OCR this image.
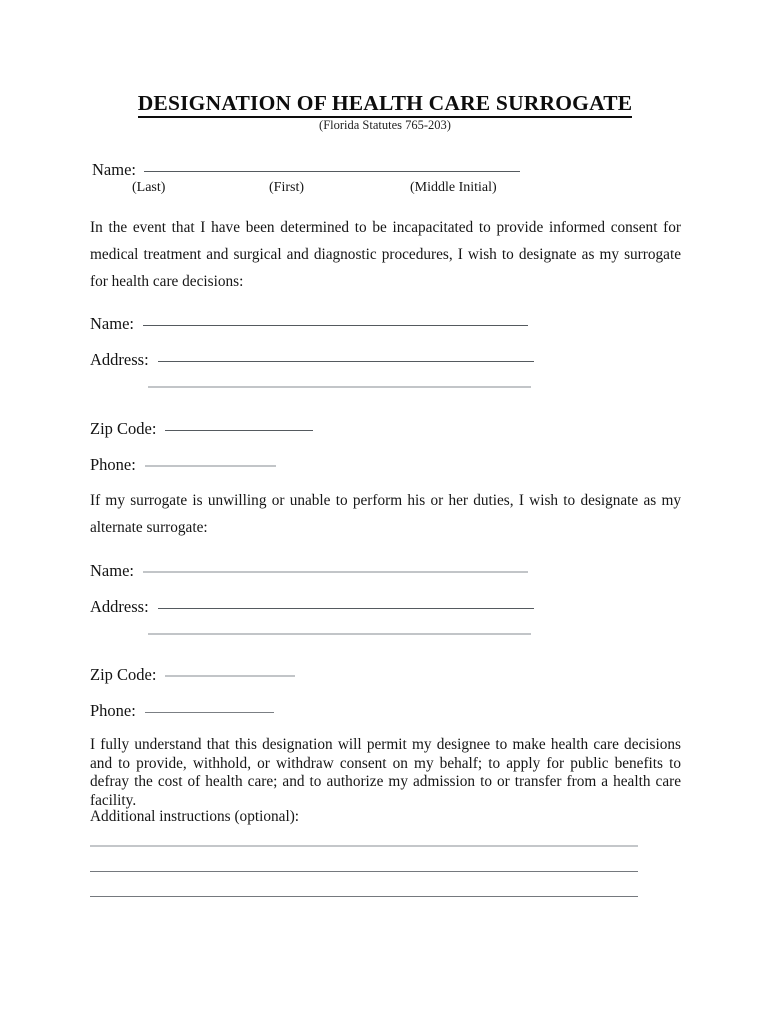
DESIGNATION OF HEALTH CARE SURROGATE
(Florida Statutes 765-203)
Name:
(Last)	(First)	(Middle Initial)
In the event that I have been determined to be incapacitated to provide informed consent for medical treatment and surgical and diagnostic procedures, I wish to designate as my surrogate for health care decisions:
Name:
Address:
Zip Code:
Phone:
If my surrogate is unwilling or unable to perform his or her duties, I wish to designate as my alternate surrogate:
Name:
Address:
Zip Code:
Phone:
I fully understand that this designation will permit my designee to make health care decisions and to provide, withhold, or withdraw consent on my behalf; to apply for public benefits to defray the cost of health care; and to authorize my admission to or transfer from a health care facility.
Additional instructions (optional):
